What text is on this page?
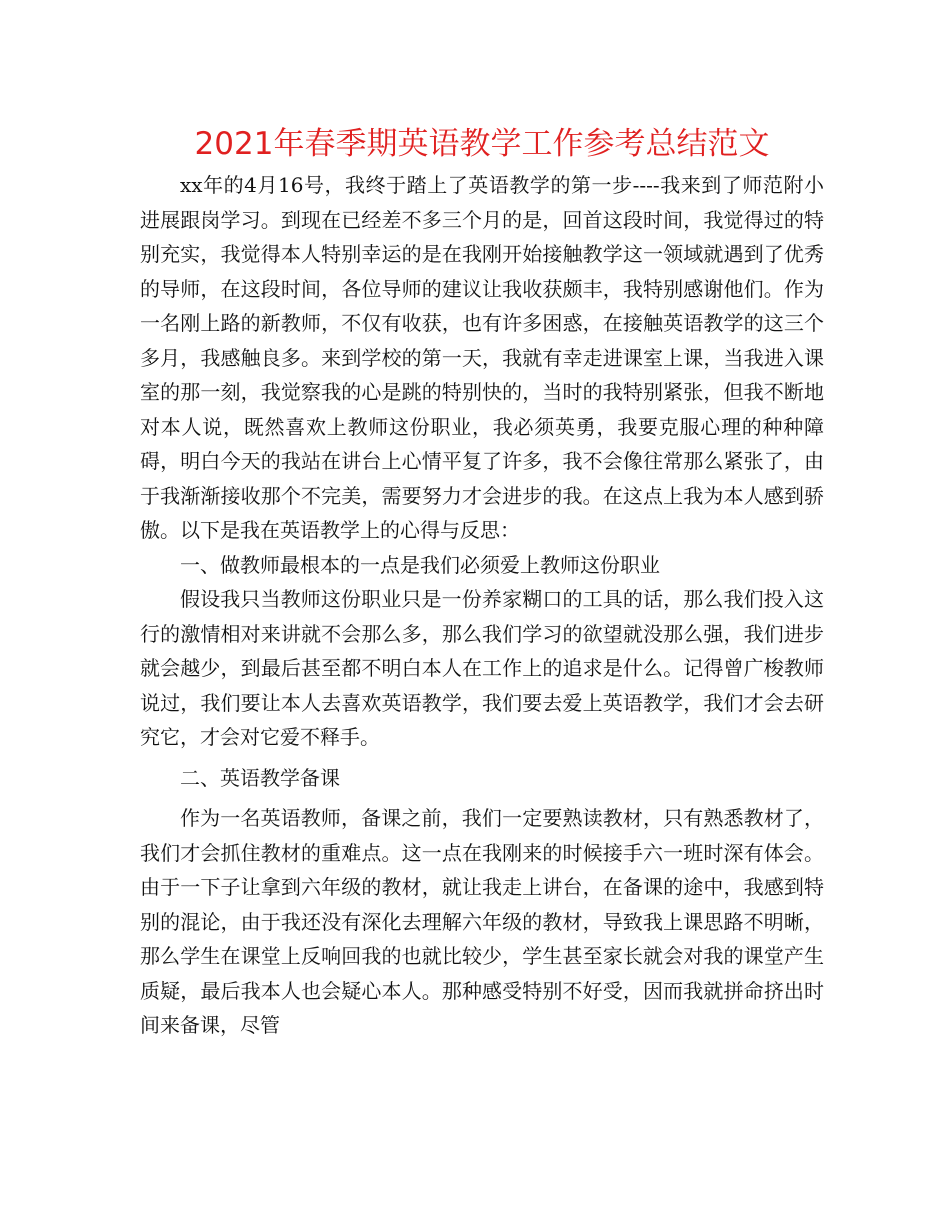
2021年春季期英语教学工作参考总结范文

xx年的4月16号，我终于踏上了英语教学的第一步----我来到了师范附小进展跟岗学习。到现在已经差不多三个月的是，回首这段时间，我觉得过的特别充实，我觉得本人特别幸运的是在我刚开始接触教学这一领域就遇到了优秀的导师，在这段时间，各位导师的建议让我收获颇丰，我特别感谢他们。作为一名刚上路的新教师，不仅有收获，也有许多困惑，在接触英语教学的这三个多月，我感触良多。来到学校的第一天，我就有幸走进课室上课，当我进入课室的那一刻，我觉察我的心是跳的特别快的，当时的我特别紧张，但我不断地对本人说，既然喜欢上教师这份职业，我必须英勇，我要克服心理的种种障碍，明白今天的我站在讲台上心情平复了许多，我不会像往常那么紧张了，由于我渐渐接收那个不完美，需要努力才会进步的我。在这点上我为本人感到骄傲。以下是我在英语教学上的心得与反思：

一、做教师最根本的一点是我们必须爱上教师这份职业

假设我只当教师这份职业只是一份养家糊口的工具的话，那么我们投入这行的激情相对来讲就不会那么多，那么我们学习的欲望就没那么强，我们进步就会越少，到最后甚至都不明白本人在工作上的追求是什么。记得曾广梭教师说过，我们要让本人去喜欢英语教学，我们要去爱上英语教学，我们才会去研究它，才会对它爱不释手。

二、英语教学备课

作为一名英语教师，备课之前，我们一定要熟读教材，只有熟悉教材了，我们才会抓住教材的重难点。这一点在我刚来的时候接手六一班时深有体会。由于一下子让拿到六年级的教材，就让我走上讲台，在备课的途中，我感到特别的混论，由于我还没有深化去理解六年级的教材，导致我上课思路不明晰，那么学生在课堂上反响回我的也就比较少，学生甚至家长就会对我的课堂产生质疑，最后我本人也会疑心本人。那种感受特别不好受，因而我就拼命挤出时间来备课，尽管
